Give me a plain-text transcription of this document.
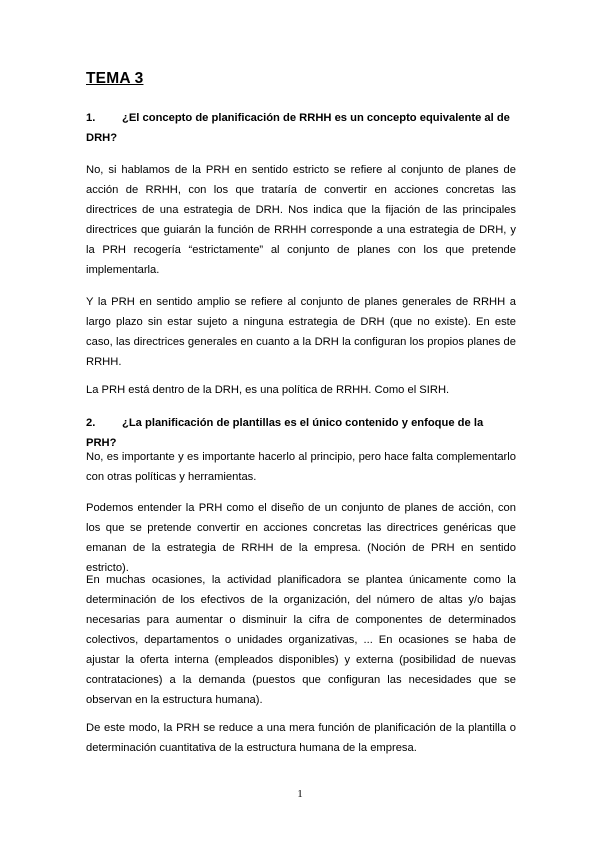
TEMA 3
1. ¿El concepto de planificación de RRHH es un concepto equivalente al de DRH?
No, si hablamos de la PRH en sentido estricto se refiere al conjunto de planes de acción de RRHH, con los que trataría de convertir en acciones concretas las directrices de una estrategia de DRH. Nos indica que la fijación de las principales directrices que guiarán la función de RRHH corresponde a una estrategia de DRH, y la PRH recogería “estrictamente” al conjunto de planes con los que pretende implementarla.
Y la PRH en sentido amplio se refiere al conjunto de planes generales de RRHH a largo plazo sin estar sujeto a ninguna estrategia de DRH (que no existe). En este caso, las directrices generales en cuanto a la DRH la configuran los propios planes de RRHH.
La PRH está dentro de la DRH, es una política de RRHH. Como el SIRH.
2. ¿La planificación de plantillas es el único contenido y enfoque de la PRH?
No, es importante y es importante hacerlo al principio, pero hace falta complementarlo con otras políticas y herramientas.
Podemos entender la PRH como el diseño de un conjunto de planes de acción, con los que se pretende convertir en acciones concretas las directrices genéricas que emanan de la estrategia de RRHH de la empresa. (Noción de PRH en sentido estricto).
En muchas ocasiones, la actividad planificadora se plantea únicamente como la determinación de los efectivos de la organización, del número de altas y/o bajas necesarias para aumentar o disminuir la cifra de componentes de determinados colectivos, departamentos o unidades organizativas, ... En ocasiones se haba de ajustar la oferta interna (empleados disponibles) y externa (posibilidad de nuevas contrataciones) a la demanda (puestos que configuran las necesidades que se observan en la estructura humana).
De este modo, la PRH se reduce a una mera función de planificación de la plantilla o determinación cuantitativa de la estructura humana de la empresa.
1
